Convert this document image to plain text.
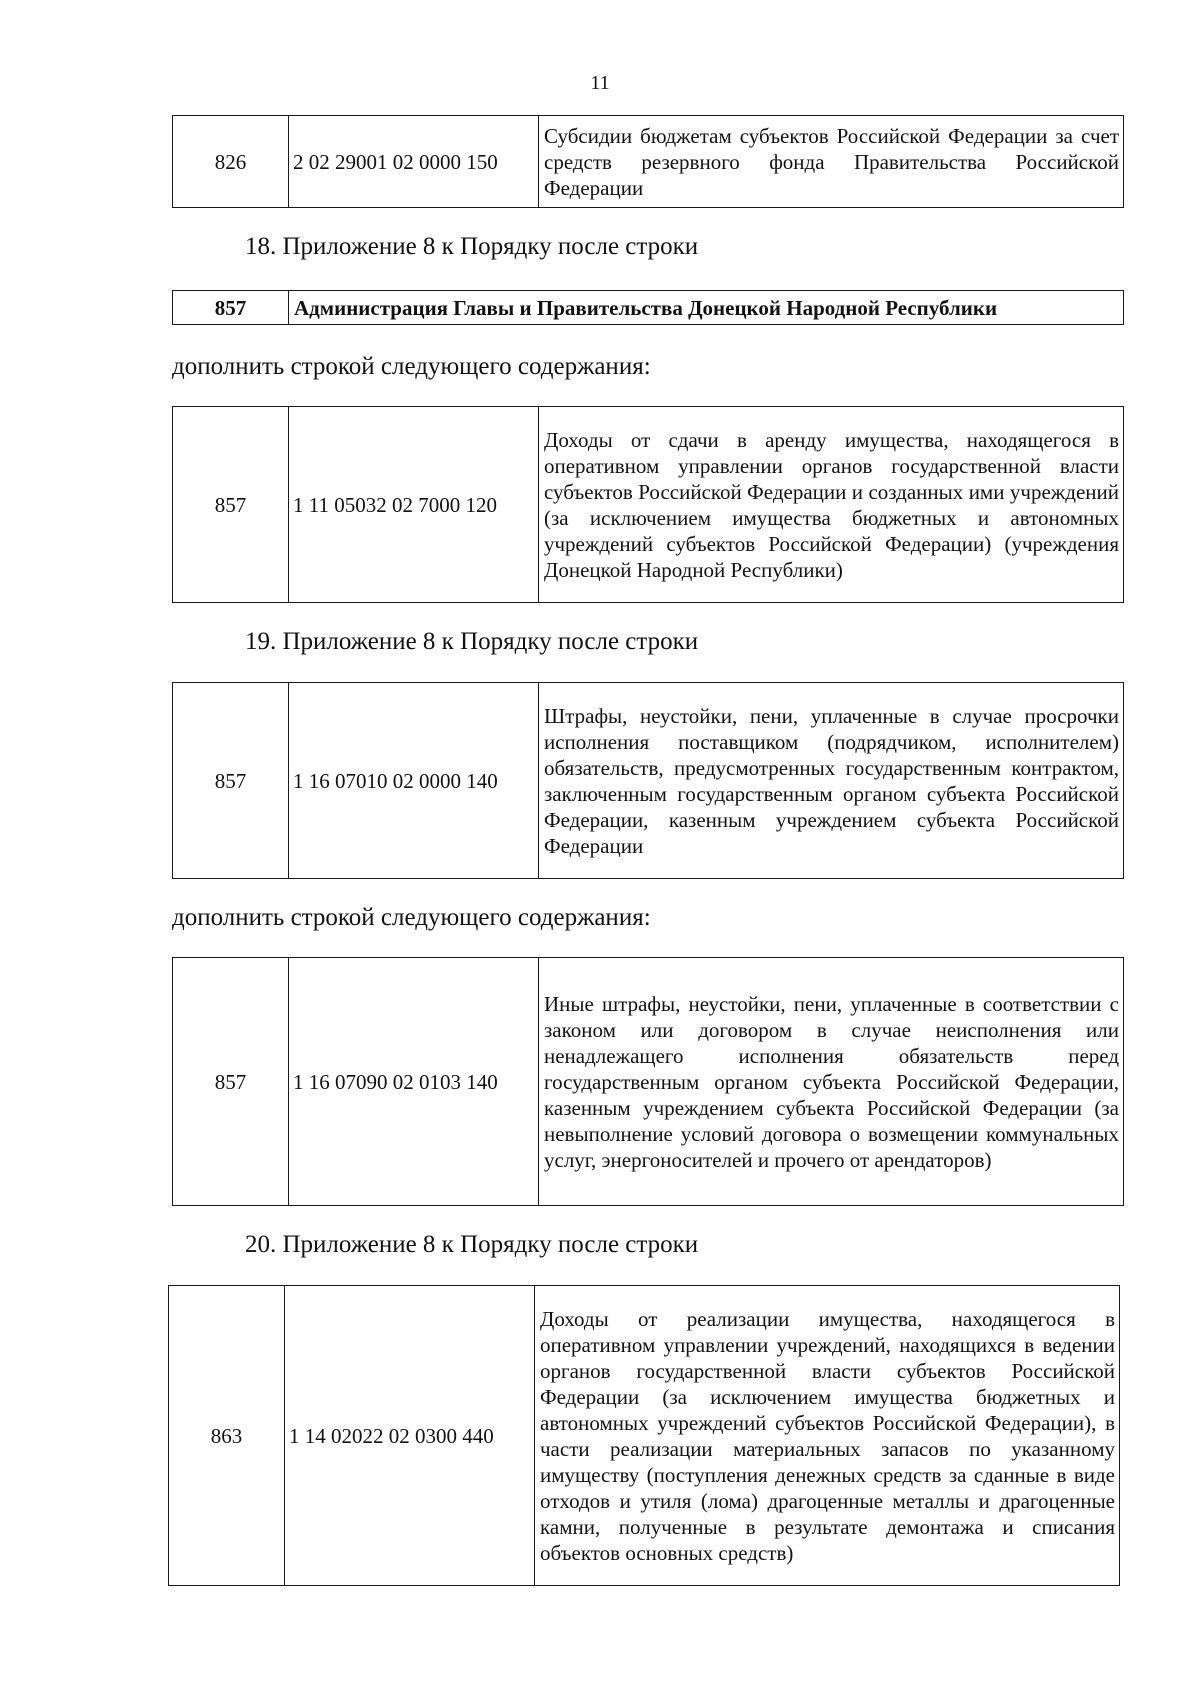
11
826	2 02 29001 02 0000 150	Субсидии бюджетам субъектов Российской Федерации за счет средств резервного фонда Правительства Российской Федерации
18. Приложение 8 к Порядку после строки
857	Администрация Главы и Правительства Донецкой Народной Республики
дополнить строкой следующего содержания:
857	1 11 05032 02 7000 120	Доходы от сдачи в аренду имущества, находящегося в оперативном управлении органов государственной власти субъектов Российской Федерации и созданных ими учреждений (за исключением имущества бюджетных и автономных учреждений субъектов Российской Федерации) (учреждения Донецкой Народной Республики)
19. Приложение 8 к Порядку после строки
857	1 16 07010 02 0000 140	Штрафы, неустойки, пени, уплаченные в случае просрочки исполнения поставщиком (подрядчиком, исполнителем) обязательств, предусмотренных государственным контрактом, заключенным государственным органом субъекта Российской Федерации, казенным учреждением субъекта Российской Федерации
дополнить строкой следующего содержания:
857	1 16 07090 02 0103 140	Иные штрафы, неустойки, пени, уплаченные в соответствии с законом или договором в случае неисполнения или ненадлежащего исполнения обязательств перед государственным органом субъекта Российской Федерации, казенным учреждением субъекта Российской Федерации (за невыполнение условий договора о возмещении коммунальных услуг, энергоносителей и прочего от арендаторов)
20. Приложение 8 к Порядку после строки
863	1 14 02022 02 0300 440	Доходы от реализации имущества, находящегося в оперативном управлении учреждений, находящихся в ведении органов государственной власти субъектов Российской Федерации (за исключением имущества бюджетных и автономных учреждений субъектов Российской Федерации), в части реализации материальных запасов по указанному имуществу (поступления денежных средств за сданные в виде отходов и утиля (лома) драгоценные металлы и драгоценные камни, полученные в результате демонтажа и списания объектов основных средств)
